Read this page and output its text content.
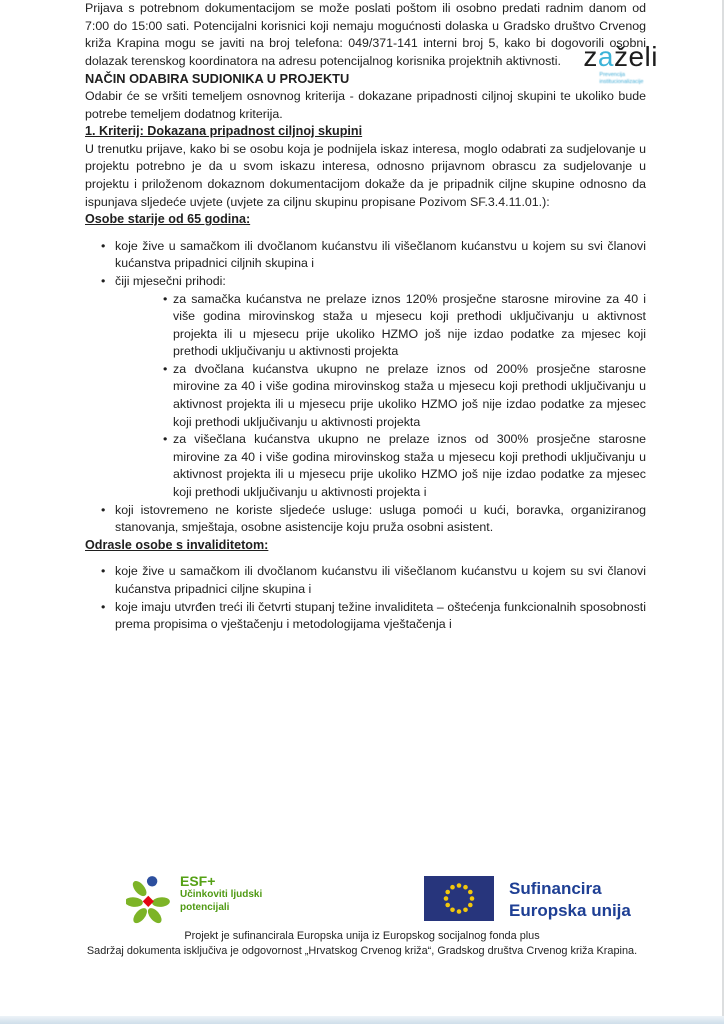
zaželi
Prevencija
institucionalizacije

Prijava s potrebnom dokumentacijom se može poslati poštom ili osobno predati radnim danom od 7:00 do 15:00 sati. Potencijalni korisnici koji nemaju mogućnosti dolaska u Gradsko društvo Crvenog križa Krapina mogu se javiti na broj telefona: 049/371-141 interni broj 5, kako bi dogovorili osobni dolazak terenskog koordinatora na adresu potencijalnog korisnika projektnih aktivnosti.

NAČIN ODABIRA SUDIONIKA U PROJEKTU

Odabir će se vršiti temeljem osnovnog kriterija - dokazane pripadnosti ciljnoj skupini te ukoliko bude potrebe temeljem dodatnog kriterija.

1. Kriterij: Dokazana pripadnost ciljnoj skupini

U trenutku prijave, kako bi se osobu koja je podnijela iskaz interesa, moglo odabrati za sudjelovanje u projektu potrebno je da u svom iskazu interesa, odnosno prijavnom obrascu za sudjelovanje u projektu i priloženom dokaznom dokumentacijom dokaže da je pripadnik ciljne skupine odnosno da ispunjava sljedeće uvjete (uvjete za ciljnu skupinu propisane Pozivom SF.3.4.11.01.):

Osobe starije od 65 godina:

• koje žive u samačkom ili dvočlanom kućanstvu ili višečlanom kućanstvu u kojem su svi članovi kućanstva pripadnici ciljnih skupina i
• čiji mjesečni prihodi:
• za samačka kućanstva ne prelaze iznos 120% prosječne starosne mirovine za 40 i više godina mirovinskog staža u mjesecu koji prethodi uključivanju u aktivnost projekta ili u mjesecu prije ukoliko HZMO još nije izdao podatke za mjesec koji prethodi uključivanju u aktivnosti projekta
• za dvočlana kućanstva ukupno ne prelaze iznos od 200% prosječne starosne mirovine za 40 i više godina mirovinskog staža u mjesecu koji prethodi uključivanju u aktivnost projekta ili u mjesecu prije ukoliko HZMO još nije izdao podatke za mjesec koji prethodi uključivanju u aktivnosti projekta
• za višečlana kućanstva ukupno ne prelaze iznos od 300% prosječne starosne mirovine za 40 i više godina mirovinskog staža u mjesecu koji prethodi uključivanju u aktivnost projekta ili u mjesecu prije ukoliko HZMO još nije izdao podatke za mjesec koji prethodi uključivanju u aktivnosti projekta i
• koji istovremeno ne koriste sljedeće usluge: usluga pomoći u kući, boravka, organiziranog stanovanja, smještaja, osobne asistencije koju pruža osobni asistent.

Odrasle osobe s invaliditetom:

• koje žive u samačkom ili dvočlanom kućanstvu ili višečlanom kućanstvu u kojem su svi članovi kućanstva pripadnici ciljne skupina i
• koje imaju utvrđen treći ili četvrti stupanj težine invaliditeta – oštećenja funkcionalnih sposobnosti prema propisima o vještačenju i metodologijama vještačenja i
ESF+
Učinkoviti ljudski
potencijali
Sufinancira
Europska unija
Projekt je sufinancirala Europska unija iz Europskog socijalnog fonda plus
Sadržaj dokumenta isključiva je odgovornost „Hrvatskog Crvenog križa“, Gradskog društva Crvenog križa Krapina.
